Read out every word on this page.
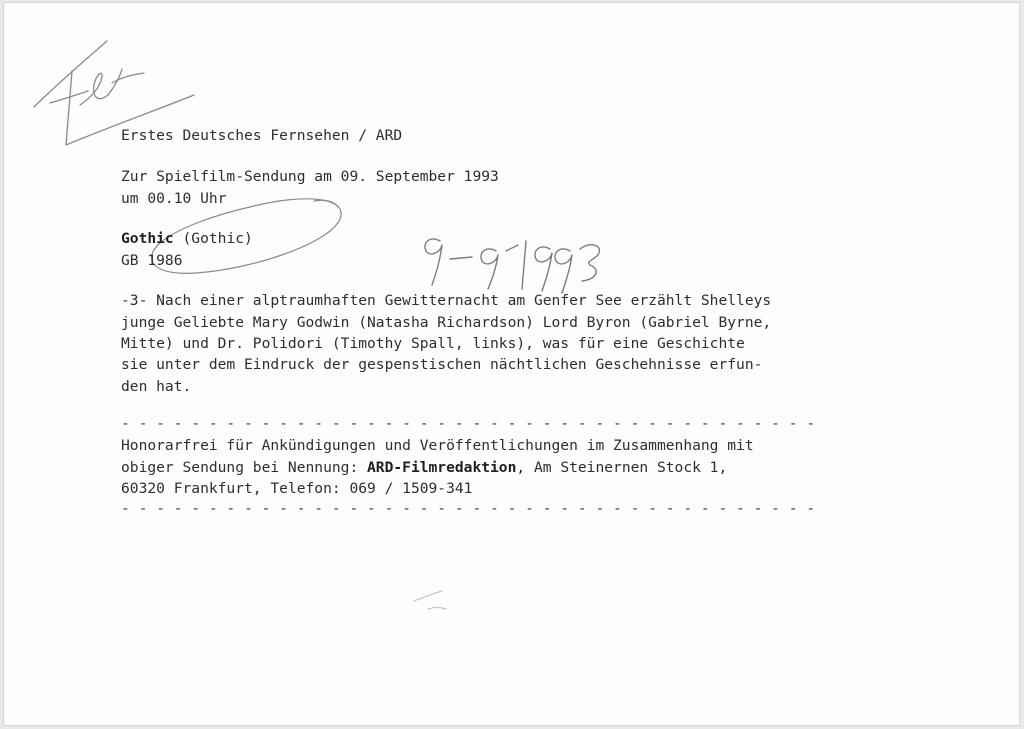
Erstes Deutsches Fernsehen / ARD

Zur Spielfilm-Sendung am 09. September 1993

um 00.10 Uhr

Gothic (Gothic)

GB 1986

-3- Nach einer alptraumhaften Gewitternacht am Genfer See erzählt Shelleys

junge Geliebte Mary Godwin (Natasha Richardson) Lord Byron (Gabriel Byrne,

Mitte) und Dr. Polidori (Timothy Spall, links), was für eine Geschichte

sie unter dem Eindruck der gespenstischen nächtlichen Geschehnisse erfun-

den hat.

- - - - - - - - - - - - - - - - - - - - - - - - - - - - - - - - - - - - - - - -

Honorarfrei für Ankündigungen und Veröffentlichungen im Zusammenhang mit

obiger Sendung bei Nennung: ARD-Filmredaktion, Am Steinernen Stock 1,

60320 Frankfurt, Telefon: 069 / 1509-341

- - - - - - - - - - - - - - - - - - - - - - - - - - - - - - - - - - - - - - - -
